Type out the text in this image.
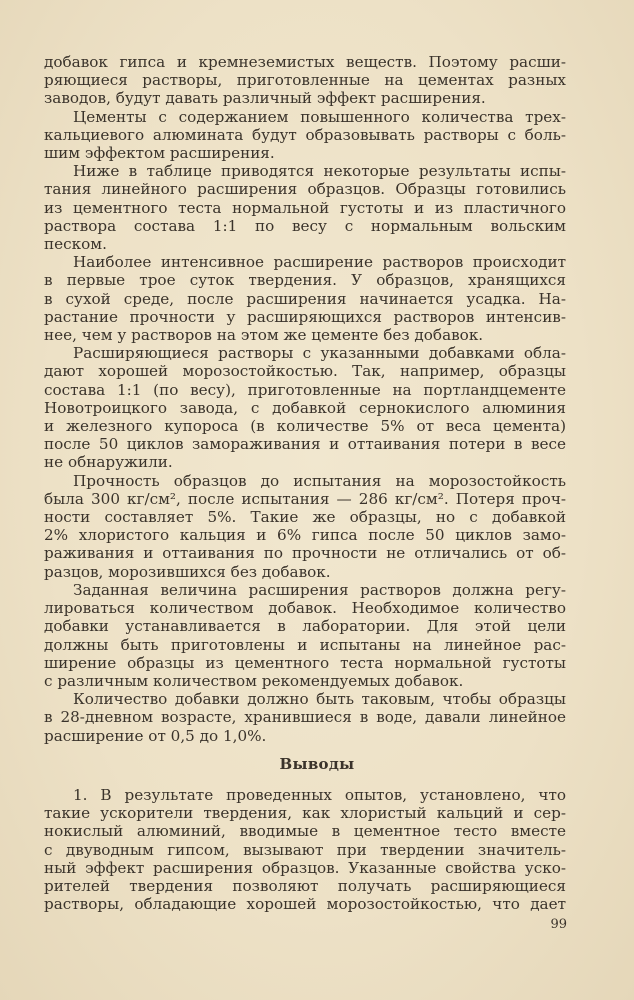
добавок гипса и кремнеземистых веществ. Поэтому расши-
ряющиеся растворы, приготовленные на цементах разных
заводов, будут давать различный эффект расширения.

Цементы с содержанием повышенного количества трех-
кальциевого алюмината будут образовывать растворы с боль-
шим эффектом расширения.

Ниже в таблице приводятся некоторые результаты испы-
тания линейного расширения образцов. Образцы готовились
из цементного теста нормальной густоты и из пластичного
раствора состава 1:1 по весу с нормальным вольским
песком.

Наиболее интенсивное расширение растворов происходит
в первые трое суток твердения. У образцов, хранящихся
в сухой среде, после расширения начинается усадка. На-
растание прочности у расширяющихся растворов интенсив-
нее, чем у растворов на этом же цементе без добавок.

Расширяющиеся растворы с указанными добавками обла-
дают хорошей морозостойкостью. Так, например, образцы
состава 1:1 (по весу), приготовленные на портландцементе
Новотроицкого завода, с добавкой сернокислого алюминия
и железного купороса (в количестве 5% от веса цемента)
после 50 циклов замораживания и оттаивания потери в весе
не обнаружили.

Прочность образцов до испытания на морозостойкость
была 300 кг/см², после испытания — 286 кг/см². Потеря проч-
ности составляет 5%. Такие же образцы, но с добавкой
2% хлористого кальция и 6% гипса после 50 циклов замо-
раживания и оттаивания по прочности не отличались от об-
разцов, морозившихся без добавок.

Заданная величина расширения растворов должна регу-
лироваться количеством добавок. Необходимое количество
добавки устанавливается в лаборатории. Для этой цели
должны быть приготовлены и испытаны на линейное рас-
ширение образцы из цементного теста нормальной густоты
с различным количеством рекомендуемых добавок.

Количество добавки должно быть таковым, чтобы образцы
в 28-дневном возрасте, хранившиеся в воде, давали линейное
расширение от 0,5 до 1,0%.

Выводы
1. В результате проведенных опытов, установлено, что
такие ускорители твердения, как хлористый кальций и сер-
нокислый алюминий, вводимые в цементное тесто вместе
с двуводным гипсом, вызывают при твердении значитель-
ный эффект расширения образцов. Указанные свойства уско-
рителей твердения позволяют получать расширяющиеся
растворы, обладающие хорошей морозостойкостью, что дает
99
